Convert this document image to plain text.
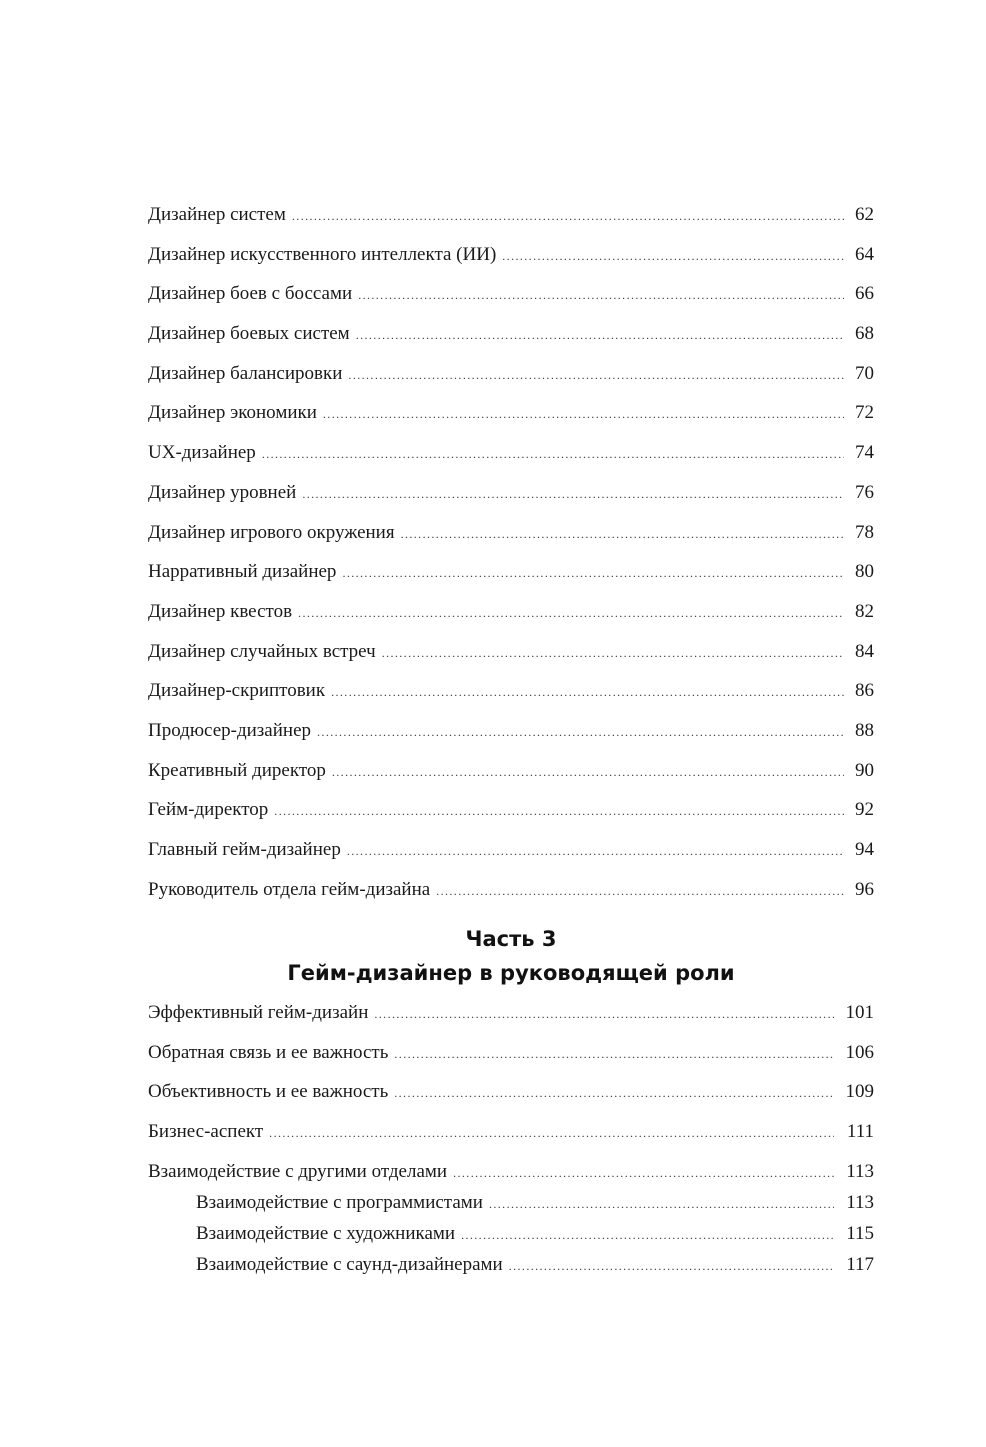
Дизайнер систем .....	62
Дизайнер искусственного интеллекта (ИИ) .....	64
Дизайнер боев с боссами .....	66
Дизайнер боевых систем .....	68
Дизайнер балансировки .....	70
Дизайнер экономики .....	72
UX-дизайнер .....	74
Дизайнер уровней .....	76
Дизайнер игрового окружения .....	78
Нарративный дизайнер .....	80
Дизайнер квестов .....	82
Дизайнер случайных встреч .....	84
Дизайнер-скриптовик .....	86
Продюсер-дизайнер .....	88
Креативный директор .....	90
Гейм-директор .....	92
Главный гейм-дизайнер .....	94
Руководитель отдела гейм-дизайна .....	96
Часть 3
Гейм-дизайнер в руководящей роли
Эффективный гейм-дизайн .....	101
Обратная связь и ее важность .....	106
Объективность и ее важность .....	109
Бизнес-аспект .....	111
Взаимодействие с другими отделами .....	113
Взаимодействие с программистами .....	113
Взаимодействие с художниками .....	115
Взаимодействие с саунд-дизайнерами .....	117
